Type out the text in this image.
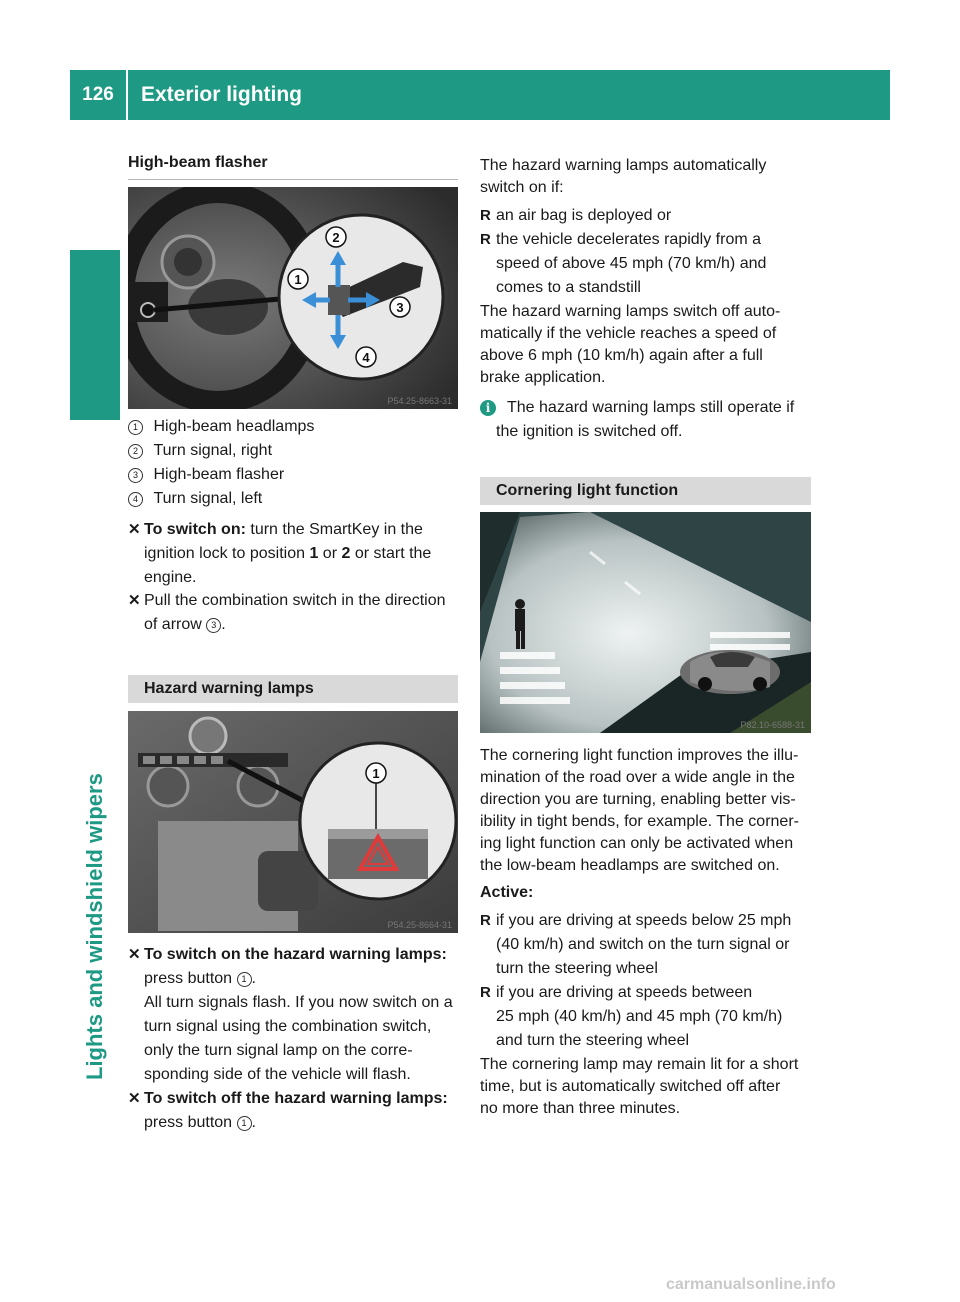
126	Exterior lighting
Lights and windshield wipers
High-beam flasher
1
2
3
4
P54.25-8663-31
1 High-beam headlamps
2 Turn signal, right
3 High-beam flasher
4 Turn signal, left
✕ To switch on: turn the SmartKey in the
ignition lock to position 1 or 2 or start the
engine.
✕ Pull the combination switch in the direction
of arrow 3 .
Hazard warning lamps
1
P54.25-8664-31
✕ To switch on the hazard warning lamps:
press button 1 .
All turn signals flash. If you now switch on a
turn signal using the combination switch,
only the turn signal lamp on the corre-
sponding side of the vehicle will flash.
✕ To switch off the hazard warning lamps:
press button 1 .
The hazard warning lamps automatically
switch on if:
R an air bag is deployed or
R the vehicle decelerates rapidly from a
speed of above 45 mph (70 km/h) and
comes to a standstill
The hazard warning lamps switch off auto-
matically if the vehicle reaches a speed of
above 6 mph (10 km/h) again after a full
brake application.
i The hazard warning lamps still operate if
the ignition is switched off.
Cornering light function
P82.10-6588-31
The cornering light function improves the illu-
mination of the road over a wide angle in the
direction you are turning, enabling better vis-
ibility in tight bends, for example. The corner-
ing light function can only be activated when
the low-beam headlamps are switched on.
Active:
R if you are driving at speeds below 25 mph
(40 km/h) and switch on the turn signal or
turn the steering wheel
R if you are driving at speeds between
25 mph (40 km/h) and 45 mph (70 km/h)
and turn the steering wheel
The cornering lamp may remain lit for a short
time, but is automatically switched off after
no more than three minutes.
carmanualsonline.info
